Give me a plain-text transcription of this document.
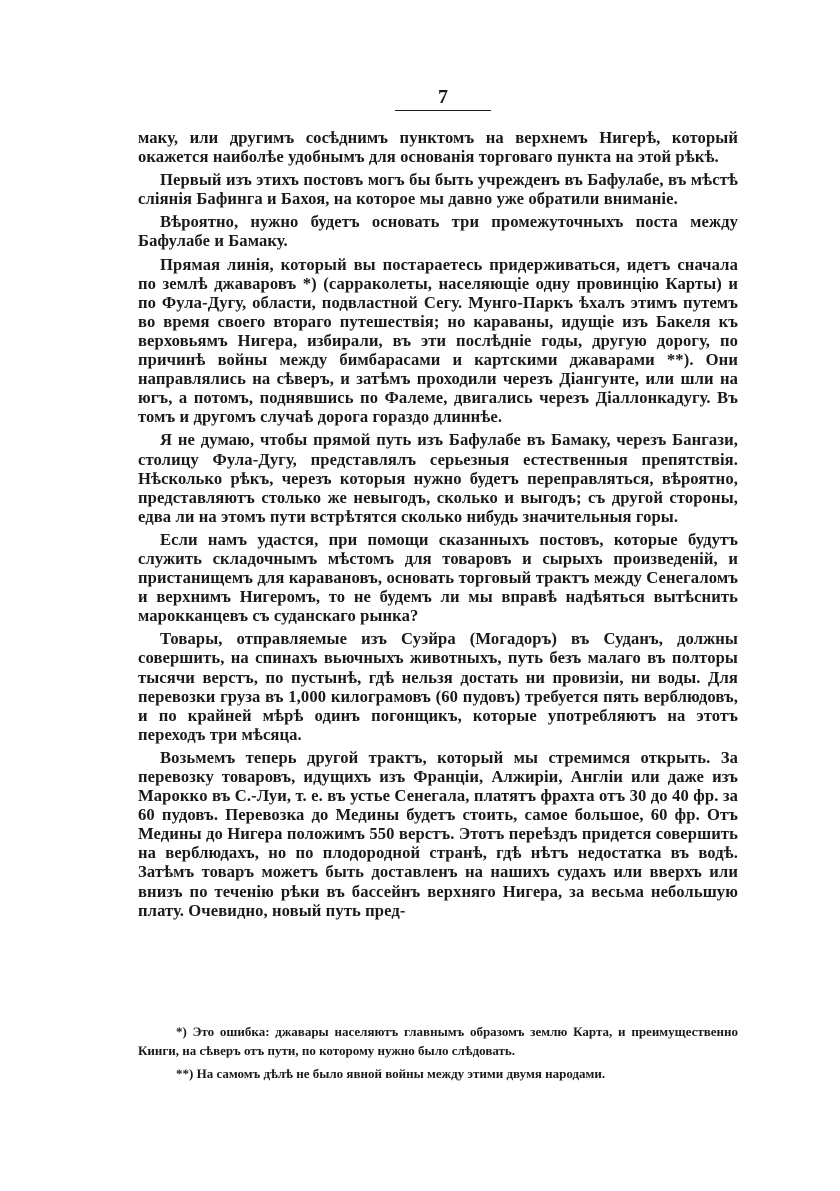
7

маку, или другимъ сосѣднимъ пунктомъ на верхнемъ Нигерѣ, который окажется наиболѣе удобнымъ для основанія торговаго пункта на этой рѣкѣ.

Первый изъ этихъ постовъ могъ бы быть учрежденъ въ Бафулабе, въ мѣстѣ сліянія Бафинга и Бахоя, на которое мы давно уже обратили вниманіе.

Вѣроятно, нужно будетъ основать три промежуточныхъ поста между Бафулабе и Бамаку.

Прямая линія, который вы постараетесь придерживаться, идетъ сначала по землѣ джаваровъ *) (сарраколеты, населяющіе одну провинцію Карты) и по Фула-Дугу, области, подвластной Сегу. Мунго-Паркъ ѣхалъ этимъ путемъ во время своего втораго путешествія; но караваны, идущіе изъ Бакеля къ верховьямъ Нигера, избирали, въ эти послѣдніе годы, другую дорогу, по причинѣ войны между бимбарасами и картскими джаварами **). Они направлялись на сѣверъ, и затѣмъ проходили черезъ Діангунте, или шли на югъ, а потомъ, поднявшись по Фалеме, двигались черезъ Діаллонкадугу. Въ томъ и другомъ случаѣ дорога гораздо длиннѣе.

Я не думаю, чтобы прямой путь изъ Бафулабе въ Бамаку, черезъ Бангази, столицу Фула-Дугу, представлялъ серьезныя естественныя препятствія. Нѣсколько рѣкъ, черезъ которыя нужно будетъ переправляться, вѣроятно, представляютъ столько же невыгодъ, сколько и выгодъ; съ другой стороны, едва ли на этомъ пути встрѣтятся сколько нибудь значительныя горы.

Если намъ удастся, при помощи сказанныхъ постовъ, которые будутъ служить складочнымъ мѣстомъ для товаровъ и сырыхъ произведеній, и пристанищемъ для каравановъ, основать торговый трактъ между Сенегаломъ и верхнимъ Нигеромъ, то не будемъ ли мы вправѣ надѣяться вытѣснить марокканцевъ съ суданскаго рынка?

Товары, отправляемые изъ Суэйра (Могадоръ) въ Суданъ, должны совершить, на спинахъ вьючныхъ животныхъ, путь безъ малаго въ полторы тысячи верстъ, по пустынѣ, гдѣ нельзя достать ни провизіи, ни воды. Для перевозки груза въ 1,000 килограмовъ (60 пудовъ) требуется пять верблюдовъ, и по крайней мѣрѣ одинъ погонщикъ, которые употребляютъ на этотъ переходъ три мѣсяца.

Возьмемъ теперь другой трактъ, который мы стремимся открыть. За перевозку товаровъ, идущихъ изъ Франціи, Алжиріи, Англіи или даже изъ Мароккo въ С.-Луи, т. е. въ устье Сенегала, платятъ фрахта отъ 30 до 40 фр. за 60 пудовъ. Перевозка до Медины будетъ стоить, самое большое, 60 фр. Отъ Медины до Нигера положимъ 550 верстъ. Этотъ переѣздъ придется совершить на верблюдахъ, но по плодородной странѣ, гдѣ нѣтъ недостатка въ водѣ. Затѣмъ товаръ можетъ быть доставленъ на нашихъ судахъ или вверхъ или внизъ по теченію рѣки въ бассейнъ верхняго Нигера, за весьма небольшую плату. Очевидно, новый путь пред-

*) Это ошибка: джавары населяютъ главнымъ образомъ землю Карта, и преимущественно Кинги, на сѣверъ отъ пути, по которому нужно было слѣдовать.

**) На самомъ дѣлѣ не было явной войны между этими двумя народами.
